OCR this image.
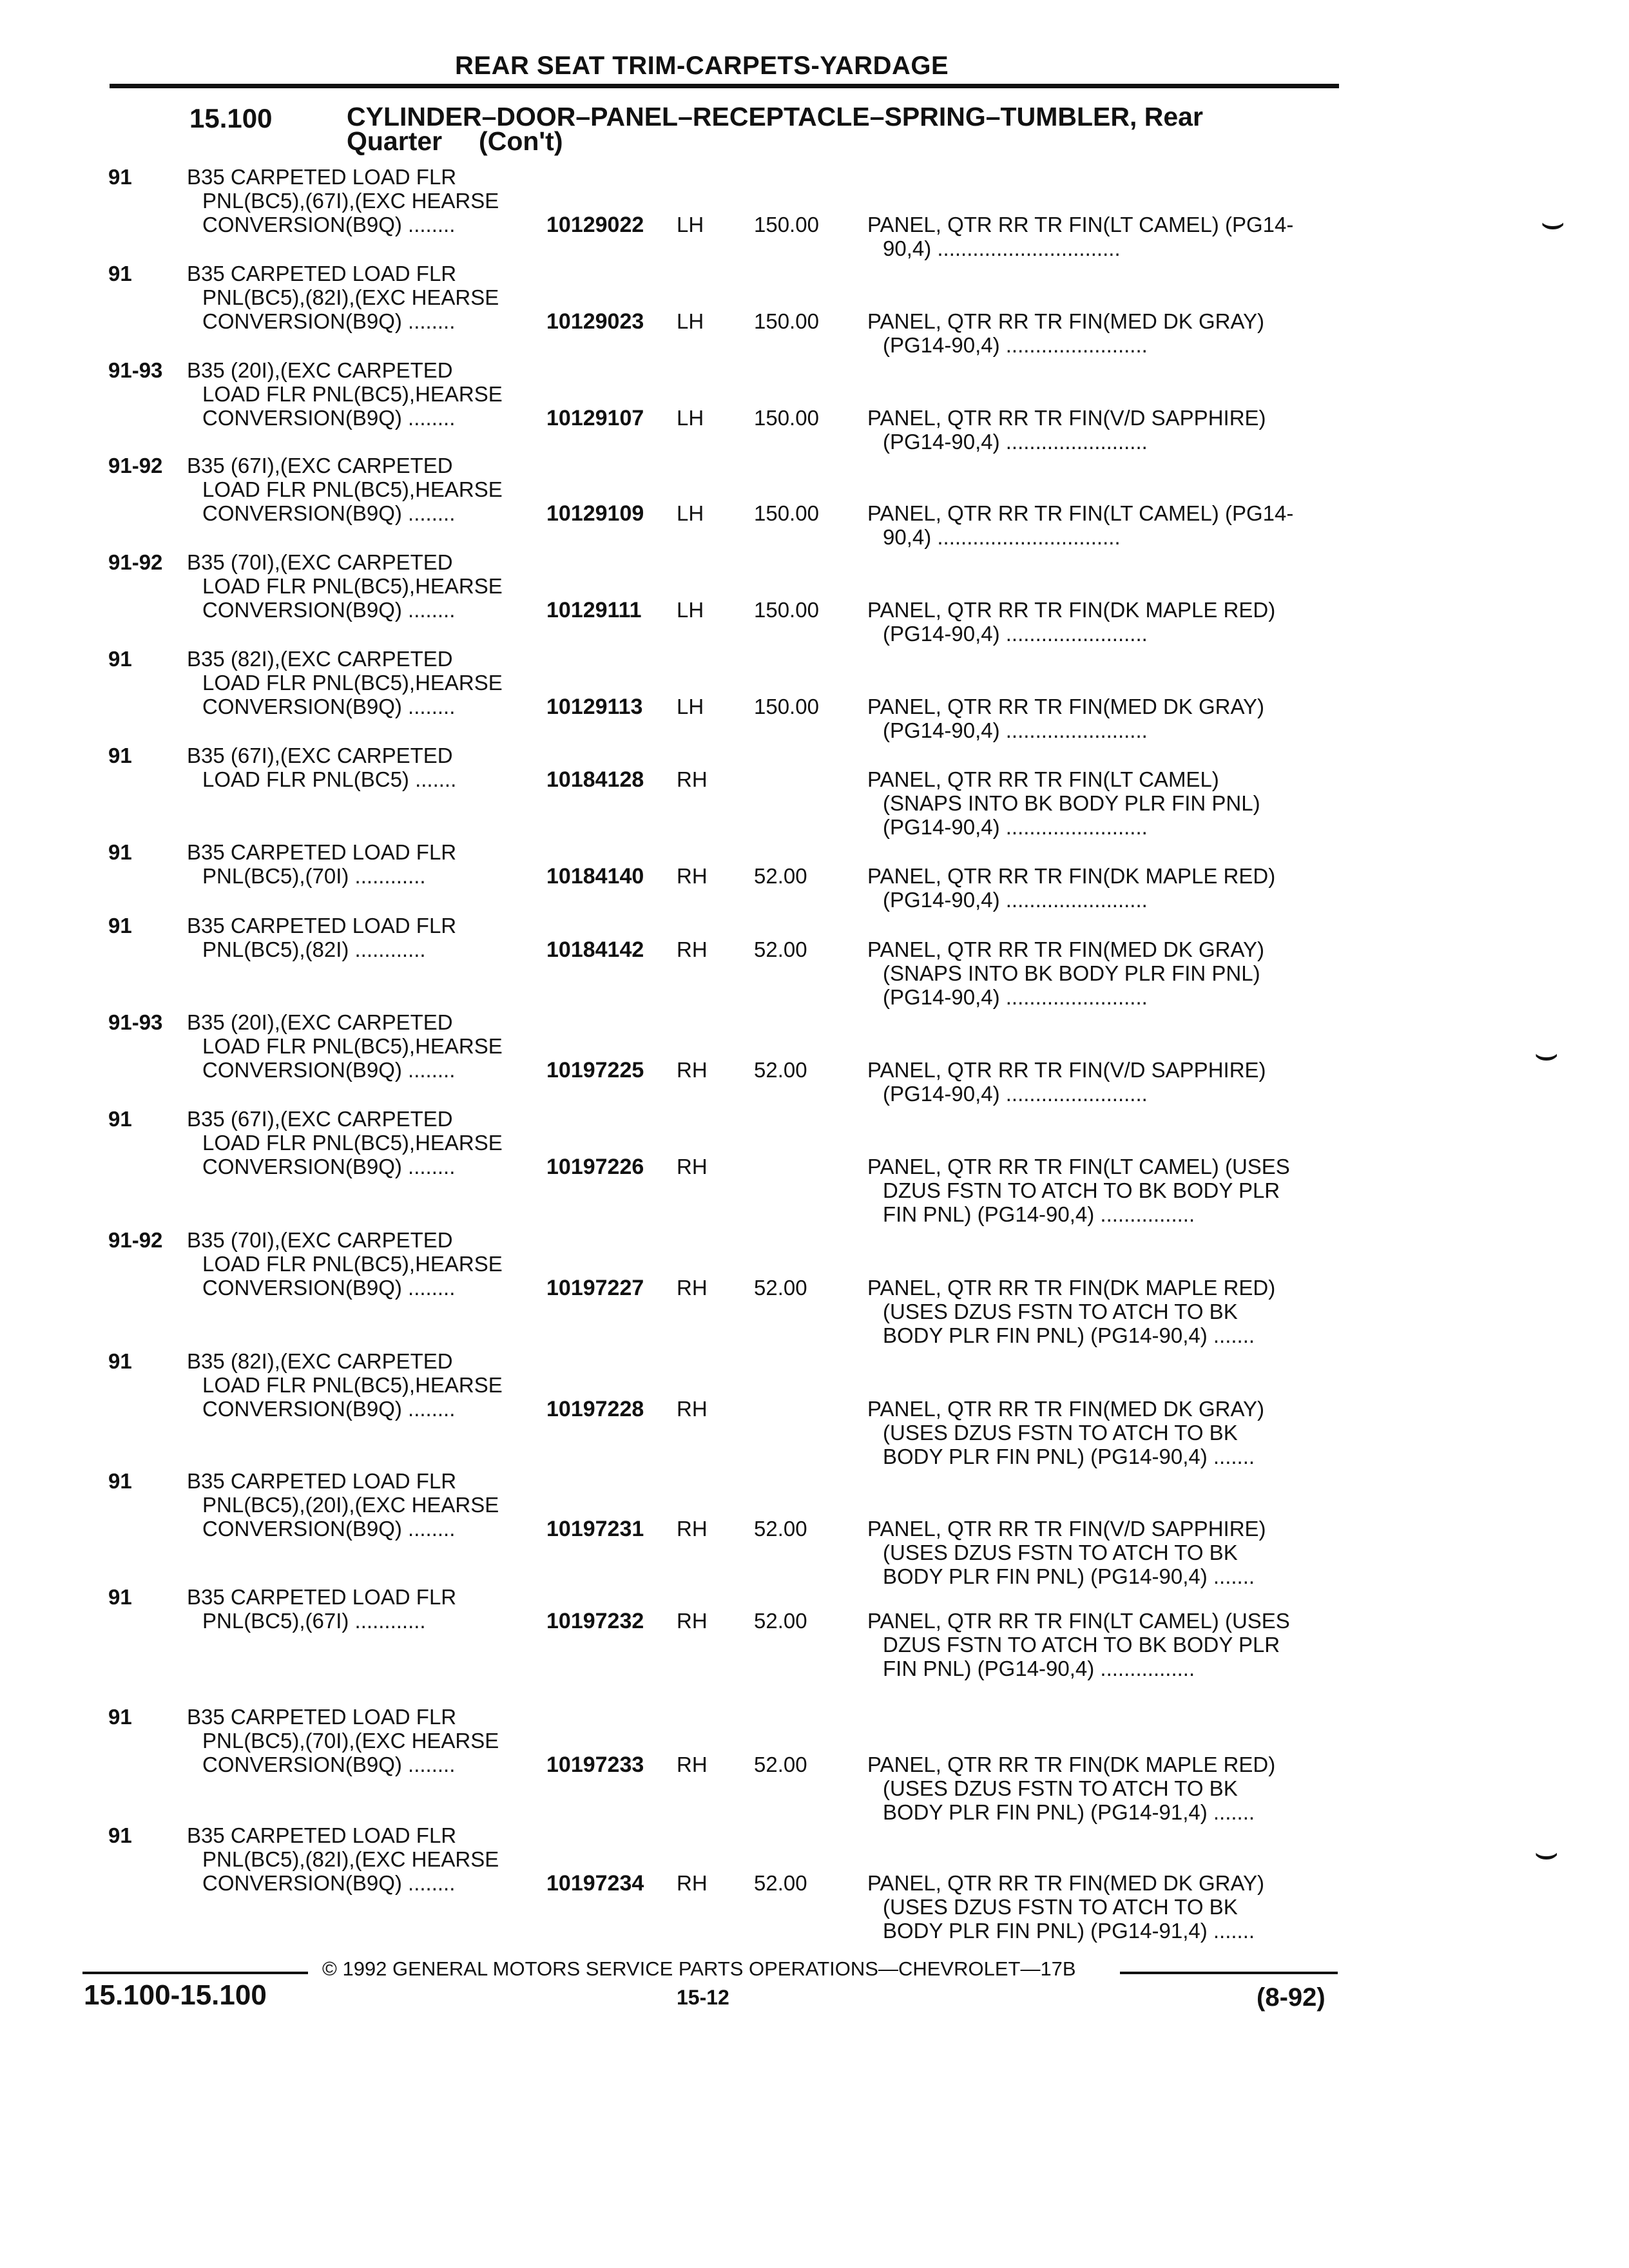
REAR SEAT TRIM-CARPETS-YARDAGE
15.100	CYLINDER–DOOR–PANEL–RECEPTACLE–SPRING–TUMBLER, Rear
Quarter     (Con't)
91	B35 CARPETED LOAD FLR
PNL(BC5),(67I),(EXC HEARSE
CONVERSION(B9Q) ........	10129022 LH 150.00 PANEL, QTR RR TR FIN(LT CAMEL) (PG14-
90,4) ...............................
91	B35 CARPETED LOAD FLR
PNL(BC5),(82I),(EXC HEARSE
CONVERSION(B9Q) ........	10129023 LH 150.00 PANEL, QTR RR TR FIN(MED DK GRAY)
(PG14-90,4) ........................
91-93 B35 (20I),(EXC CARPETED
LOAD FLR PNL(BC5),HEARSE
CONVERSION(B9Q) ........	10129107 LH 150.00 PANEL, QTR RR TR FIN(V/D SAPPHIRE)
(PG14-90,4) ........................
91-92 B35 (67I),(EXC CARPETED
LOAD FLR PNL(BC5),HEARSE
CONVERSION(B9Q) ........	10129109 LH 150.00 PANEL, QTR RR TR FIN(LT CAMEL) (PG14-
90,4) ...............................
91-92 B35 (70I),(EXC CARPETED
LOAD FLR PNL(BC5),HEARSE
CONVERSION(B9Q) ........	10129111 LH 150.00 PANEL, QTR RR TR FIN(DK MAPLE RED)
(PG14-90,4) ........................
91	B35 (82I),(EXC CARPETED
LOAD FLR PNL(BC5),HEARSE
CONVERSION(B9Q) ........	10129113 LH 150.00 PANEL, QTR RR TR FIN(MED DK GRAY)
(PG14-90,4) ........................
91	B35 (67I),(EXC CARPETED
LOAD FLR PNL(BC5) .......	10184128 RH	PANEL, QTR RR TR FIN(LT CAMEL)
(SNAPS INTO BK BODY PLR FIN PNL)
(PG14-90,4) ........................
91	B35 CARPETED LOAD FLR
PNL(BC5),(70I) ............	10184140 RH 52.00	PANEL, QTR RR TR FIN(DK MAPLE RED)
(PG14-90,4) ........................
91	B35 CARPETED LOAD FLR
PNL(BC5),(82I) ............	10184142 RH 52.00	PANEL, QTR RR TR FIN(MED DK GRAY)
(SNAPS INTO BK BODY PLR FIN PNL)
(PG14-90,4) ........................
91-93 B35 (20I),(EXC CARPETED
LOAD FLR PNL(BC5),HEARSE
CONVERSION(B9Q) ........	10197225 RH 52.00	PANEL, QTR RR TR FIN(V/D SAPPHIRE)
(PG14-90,4) ........................
91	B35 (67I),(EXC CARPETED
LOAD FLR PNL(BC5),HEARSE
CONVERSION(B9Q) ........	10197226 RH	PANEL, QTR RR TR FIN(LT CAMEL) (USES
DZUS FSTN TO ATCH TO BK BODY PLR
FIN PNL) (PG14-90,4) ................
91-92 B35 (70I),(EXC CARPETED
LOAD FLR PNL(BC5),HEARSE
CONVERSION(B9Q) ........	10197227 RH 52.00	PANEL, QTR RR TR FIN(DK MAPLE RED)
(USES DZUS FSTN TO ATCH TO BK
BODY PLR FIN PNL) (PG14-90,4) .......
91	B35 (82I),(EXC CARPETED
LOAD FLR PNL(BC5),HEARSE
CONVERSION(B9Q) ........	10197228 RH	PANEL, QTR RR TR FIN(MED DK GRAY)
(USES DZUS FSTN TO ATCH TO BK
BODY PLR FIN PNL) (PG14-90,4) .......
91	B35 CARPETED LOAD FLR
PNL(BC5),(20I),(EXC HEARSE
CONVERSION(B9Q) ........	10197231 RH 52.00	PANEL, QTR RR TR FIN(V/D SAPPHIRE)
(USES DZUS FSTN TO ATCH TO BK
BODY PLR FIN PNL) (PG14-90,4) .......
91	B35 CARPETED LOAD FLR
PNL(BC5),(67I) ............	10197232 RH 52.00	PANEL, QTR RR TR FIN(LT CAMEL) (USES
DZUS FSTN TO ATCH TO BK BODY PLR
FIN PNL) (PG14-90,4) ................
91	B35 CARPETED LOAD FLR
PNL(BC5),(70I),(EXC HEARSE
CONVERSION(B9Q) ........	10197233 RH 52.00	PANEL, QTR RR TR FIN(DK MAPLE RED)
(USES DZUS FSTN TO ATCH TO BK
BODY PLR FIN PNL) (PG14-91,4) .......
91	B35 CARPETED LOAD FLR
PNL(BC5),(82I),(EXC HEARSE
CONVERSION(B9Q) ........	10197234 RH 52.00	PANEL, QTR RR TR FIN(MED DK GRAY)
(USES DZUS FSTN TO ATCH TO BK
BODY PLR FIN PNL) (PG14-91,4) .......
⌣
⌣
⌣
© 1992 GENERAL MOTORS SERVICE PARTS OPERATIONS—CHEVROLET—17B
15.100-15.100	15-12	(8-92)
